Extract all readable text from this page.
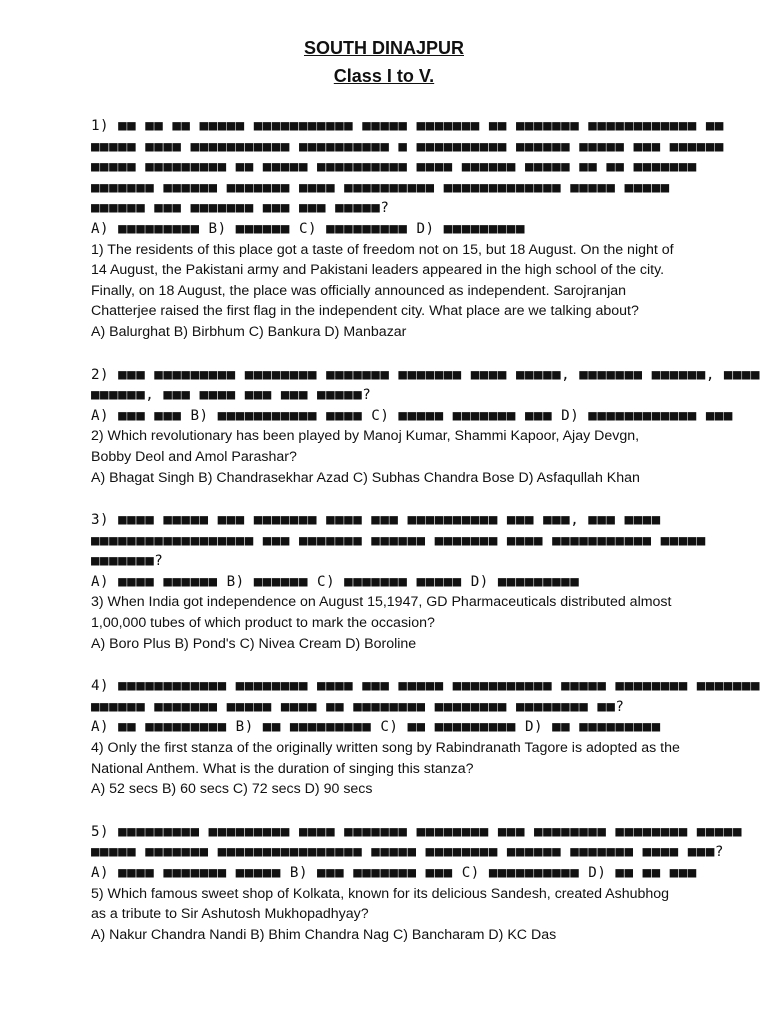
SOUTH DINAJPUR
Class I to V.
1) ■■ ■■ ■■ ■■■■■ ■■■■■■■■■■■ ■■■■■ ■■■■■■■ ■■ ■■■■■■■ ■■■■■■■■■■■■ ■■
■■■■■ ■■■■ ■■■■■■■■■■■ ■■■■■■■■■■ ■ ■■■■■■■■■■ ■■■■■■ ■■■■■ ■■■ ■■■■■■
■■■■■ ■■■■■■■■■ ■■ ■■■■■ ■■■■■■■■■■ ■■■■ ■■■■■■ ■■■■■ ■■ ■■ ■■■■■■■
■■■■■■■ ■■■■■■ ■■■■■■■ ■■■■ ■■■■■■■■■■ ■■■■■■■■■■■■■ ■■■■■ ■■■■■
■■■■■■ ■■■ ■■■■■■■ ■■■ ■■■ ■■■■■?
A) ■■■■■■■■■ B) ■■■■■■ C) ■■■■■■■■■ D) ■■■■■■■■■
1) The residents of this place got a taste of freedom not on 15, but 18 August. On the night of 14 August, the Pakistani army and Pakistani leaders appeared in the high school of the city. Finally, on 18 August, the place was officially announced as independent. Sarojranjan Chatterjee raised the first flag in the independent city. What place are we talking about?
A) Balurghat B) Birbhum C) Bankura D) Manbazar
2) ■■■ ■■■■■■■■■ ■■■■■■■■ ■■■■■■■ ■■■■■■■ ■■■■ ■■■■■, ■■■■■■■ ■■■■■■, ■■■■
■■■■■■, ■■■ ■■■■ ■■■ ■■■ ■■■■■?
A) ■■■ ■■■ B) ■■■■■■■■■■■ ■■■■ C) ■■■■■ ■■■■■■■ ■■■ D) ■■■■■■■■■■■■ ■■■
2) Which revolutionary has been played by Manoj Kumar, Shammi Kapoor, Ajay Devgn, Bobby Deol and Amol Parashar?
A) Bhagat Singh B) Chandrasekhar Azad C) Subhas Chandra Bose D) Asfaqullah Khan
3) ■■■■ ■■■■■ ■■■ ■■■■■■■ ■■■■ ■■■ ■■■■■■■■■■ ■■■ ■■■, ■■■ ■■■■
■■■■■■■■■■■■■■■■■■ ■■■ ■■■■■■■ ■■■■■■ ■■■■■■■ ■■■■ ■■■■■■■■■■■ ■■■■■
■■■■■■■?
A) ■■■■ ■■■■■■ B) ■■■■■■ C) ■■■■■■■ ■■■■■ D) ■■■■■■■■■
3) When India got independence on August 15,1947, GD Pharmaceuticals distributed almost 1,00,000 tubes of which product to mark the occasion?
A) Boro Plus B) Pond's C) Nivea Cream D) Boroline
4) ■■■■■■■■■■■■ ■■■■■■■■ ■■■■ ■■■ ■■■■■ ■■■■■■■■■■■ ■■■■■ ■■■■■■■■ ■■■■■■■
■■■■■■ ■■■■■■■ ■■■■■ ■■■■ ■■ ■■■■■■■■ ■■■■■■■■ ■■■■■■■■ ■■?
A) ■■ ■■■■■■■■■ B) ■■ ■■■■■■■■■ C) ■■ ■■■■■■■■■ D) ■■ ■■■■■■■■■
4) Only the first stanza of the originally written song by Rabindranath Tagore is adopted as the National Anthem. What is the duration of singing this stanza?
A) 52 secs B) 60 secs C) 72 secs D) 90 secs
5) ■■■■■■■■■ ■■■■■■■■■ ■■■■ ■■■■■■■ ■■■■■■■■ ■■■ ■■■■■■■■ ■■■■■■■■ ■■■■■
■■■■■ ■■■■■■■ ■■■■■■■■■■■■■■■■ ■■■■■ ■■■■■■■■ ■■■■■■ ■■■■■■■ ■■■■ ■■■?
A) ■■■■ ■■■■■■■ ■■■■■ B) ■■■ ■■■■■■■ ■■■ C) ■■■■■■■■■■ D) ■■ ■■ ■■■
5) Which famous sweet shop of Kolkata, known for its delicious Sandesh, created Ashubhog as a tribute to Sir Ashutosh Mukhopadhyay?
A) Nakur Chandra Nandi B) Bhim Chandra Nag C) Bancharam D) KC Das
